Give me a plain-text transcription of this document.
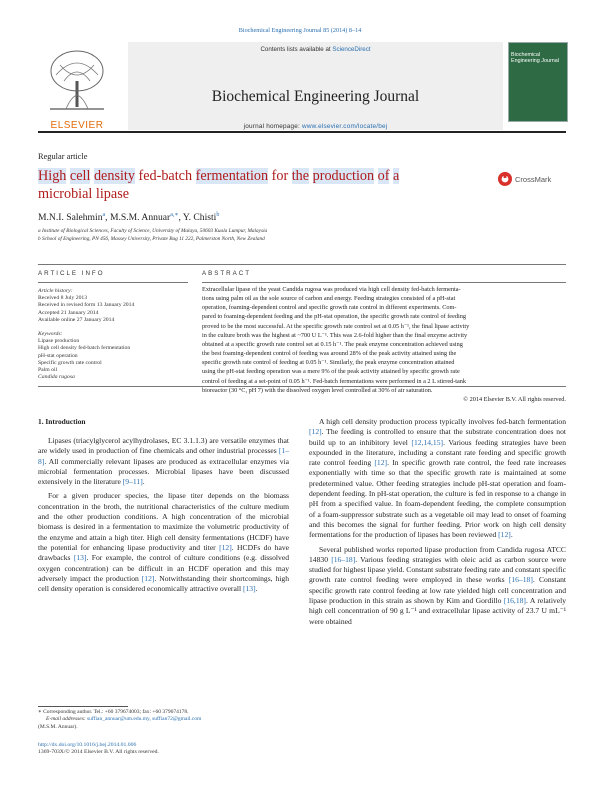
Biochemical Engineering Journal 85 (2014) 8–14
ELSEVIER
Contents lists available at ScienceDirect
Biochemical Engineering Journal
journal homepage: www.elsevier.com/locate/bej
Biochemical Engineering Journal
Regular article
High cell density fed-batch fermentation for the production of a
microbial lipase
CrossMark
M.N.I. Salehmin$^a$, M.S.M. Annuar$^{a,∗}$, Y. Chisti$^b$
a Institute of Biological Sciences, Faculty of Science, University of Malaya, 50603 Kuala Lumpur, Malaysia
b School of Engineering, PN 456, Massey University, Private Bag 11 222, Palmerston North, New Zealand
ARTICLE INFO	ABSTRACT
Article history:
Received 8 July 2013
Received in revised form 13 January 2014
Accepted 21 January 2014
Available online 27 January 2014
Keywords:
Lipase production
High cell density fed-batch fermentation
pH-stat operation
Specific growth rate control
Palm oil
Candida rugosa
Extracellular lipase of the yeast Candida rugosa was produced via high cell density fed-batch fermenta-
tions using palm oil as the sole source of carbon and energy. Feeding strategies consisted of a pH-stat
operation, foaming-dependent control and specific growth rate control in different experiments. Com-
pared to foaming-dependent feeding and the pH-stat operation, the specific growth rate control of feeding
proved to be the most successful. At the specific growth rate control set at 0.05 h⁻¹, the final lipase activity
in the culture broth was the highest at ~700 U L⁻¹. This was 2.6-fold higher than the final enzyme activity
obtained at a specific growth rate control set at 0.15 h⁻¹. The peak enzyme concentration achieved using
the best foaming-dependent control of feeding was around 28% of the peak activity attained using the
specific growth rate control of feeding at 0.05 h⁻¹. Similarly, the peak enzyme concentration attained
using the pH-stat feeding operation was a mere 9% of the peak activity attained by specific growth rate
control of feeding at a set-point of 0.05 h⁻¹. Fed-batch fermentations were performed in a 2 L stirred-tank
bioreactor (30 °C, pH 7) with the dissolved oxygen level controlled at 30% of air saturation.
© 2014 Elsevier B.V. All rights reserved.
1. Introduction

Lipases (triacylglycerol acylhydrolases, EC 3.1.1.3) are versatile enzymes that are widely used in production of fine chemicals and other industrial processes [1–8]. All commercially relevant lipases are produced as extracellular enzymes via microbial fermentation processes. Microbial lipases have been discussed extensively in the literature [9–11].

For a given producer species, the lipase titer depends on the biomass concentration in the broth, the nutritional characteristics of the culture medium and the other production conditions. A high concentration of the microbial biomass is desired in a fermentation to maximize the volumetric productivity of the enzyme and attain a high titer. High cell density fermentations (HCDF) have the potential for enhancing lipase productivity and titer [12]. HCDFs do have drawbacks [13]. For example, the control of culture conditions (e.g. dissolved oxygen concentration) can be difficult in an HCDF operation and this may adversely impact the production [12]. Notwithstanding their shortcomings, high cell density operation is considered economically attractive overall [13].

A high cell density production process typically involves fed-batch fermentation [12]. The feeding is controlled to ensure that the substrate concentration does not build up to an inhibitory level [12,14,15]. Various feeding strategies have been expounded in the literature, including a constant rate feeding and specific growth rate control feeding [12]. In specific growth rate control, the feed rate increases exponentially with time so that the specific growth rate is maintained at some predetermined value. Other feeding strategies include pH-stat operation and foam-dependent feeding. In pH-stat operation, the culture is fed in response to a change in pH from a specified value. In foam-dependent feeding, the complete consumption of a foam-suppressor substrate such as a vegetable oil may lead to onset of foaming and this becomes the signal for further feeding. Prior work on high cell density fermentations for the production of lipases has been reviewed [12].

Several published works reported lipase production from Candida rugosa ATCC 14830 [16–18]. Various feeding strategies with oleic acid as carbon source were studied for highest lipase yield. Constant substrate feeding rate and constant specific growth rate control feeding were employed in these works [16–18]. Constant specific growth rate control feeding at low rate yielded high cell concentration and lipase production in this strain as shown by Kim and Gordillo [16,18]. A relatively high cell concentration of 90 g L⁻¹ and extracellular lipase activity of 23.7 U mL⁻¹ were obtained

∗ Corresponding author. Tel.: +60 379674003; fax: +60 379674178.
E-mail addresses: suffian_annuar@um.edu.my, suffian72@gmail.com
(M.S.M. Annuar).
http://dx.doi.org/10.1016/j.bej.2014.01.006
1369-703X/© 2014 Elsevier B.V. All rights reserved.
